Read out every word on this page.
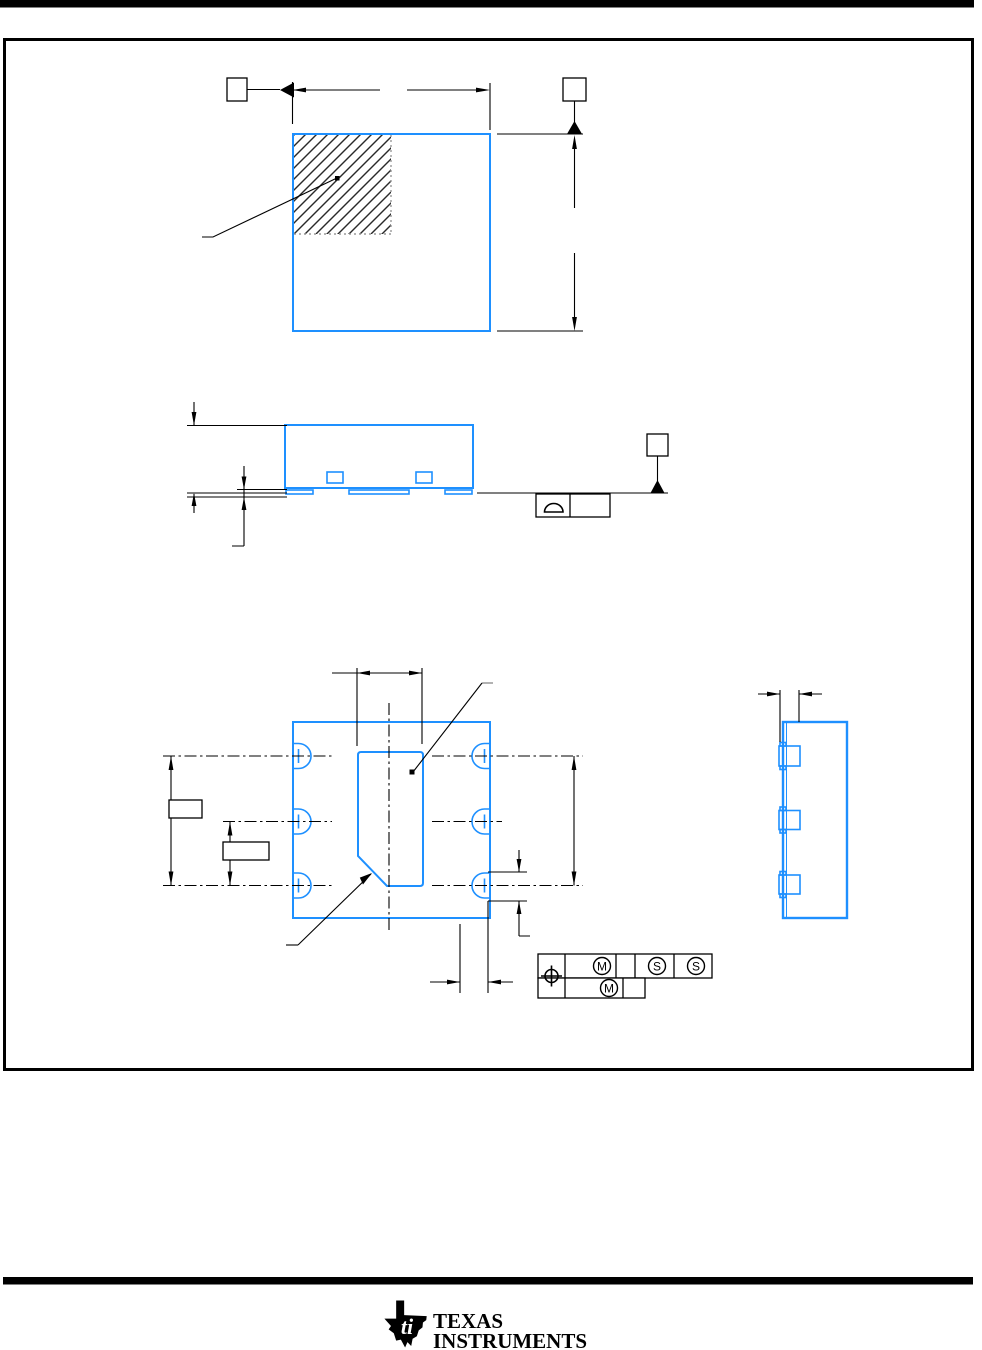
M	S	S
M
ti TEXAS
INSTRUMENTS
